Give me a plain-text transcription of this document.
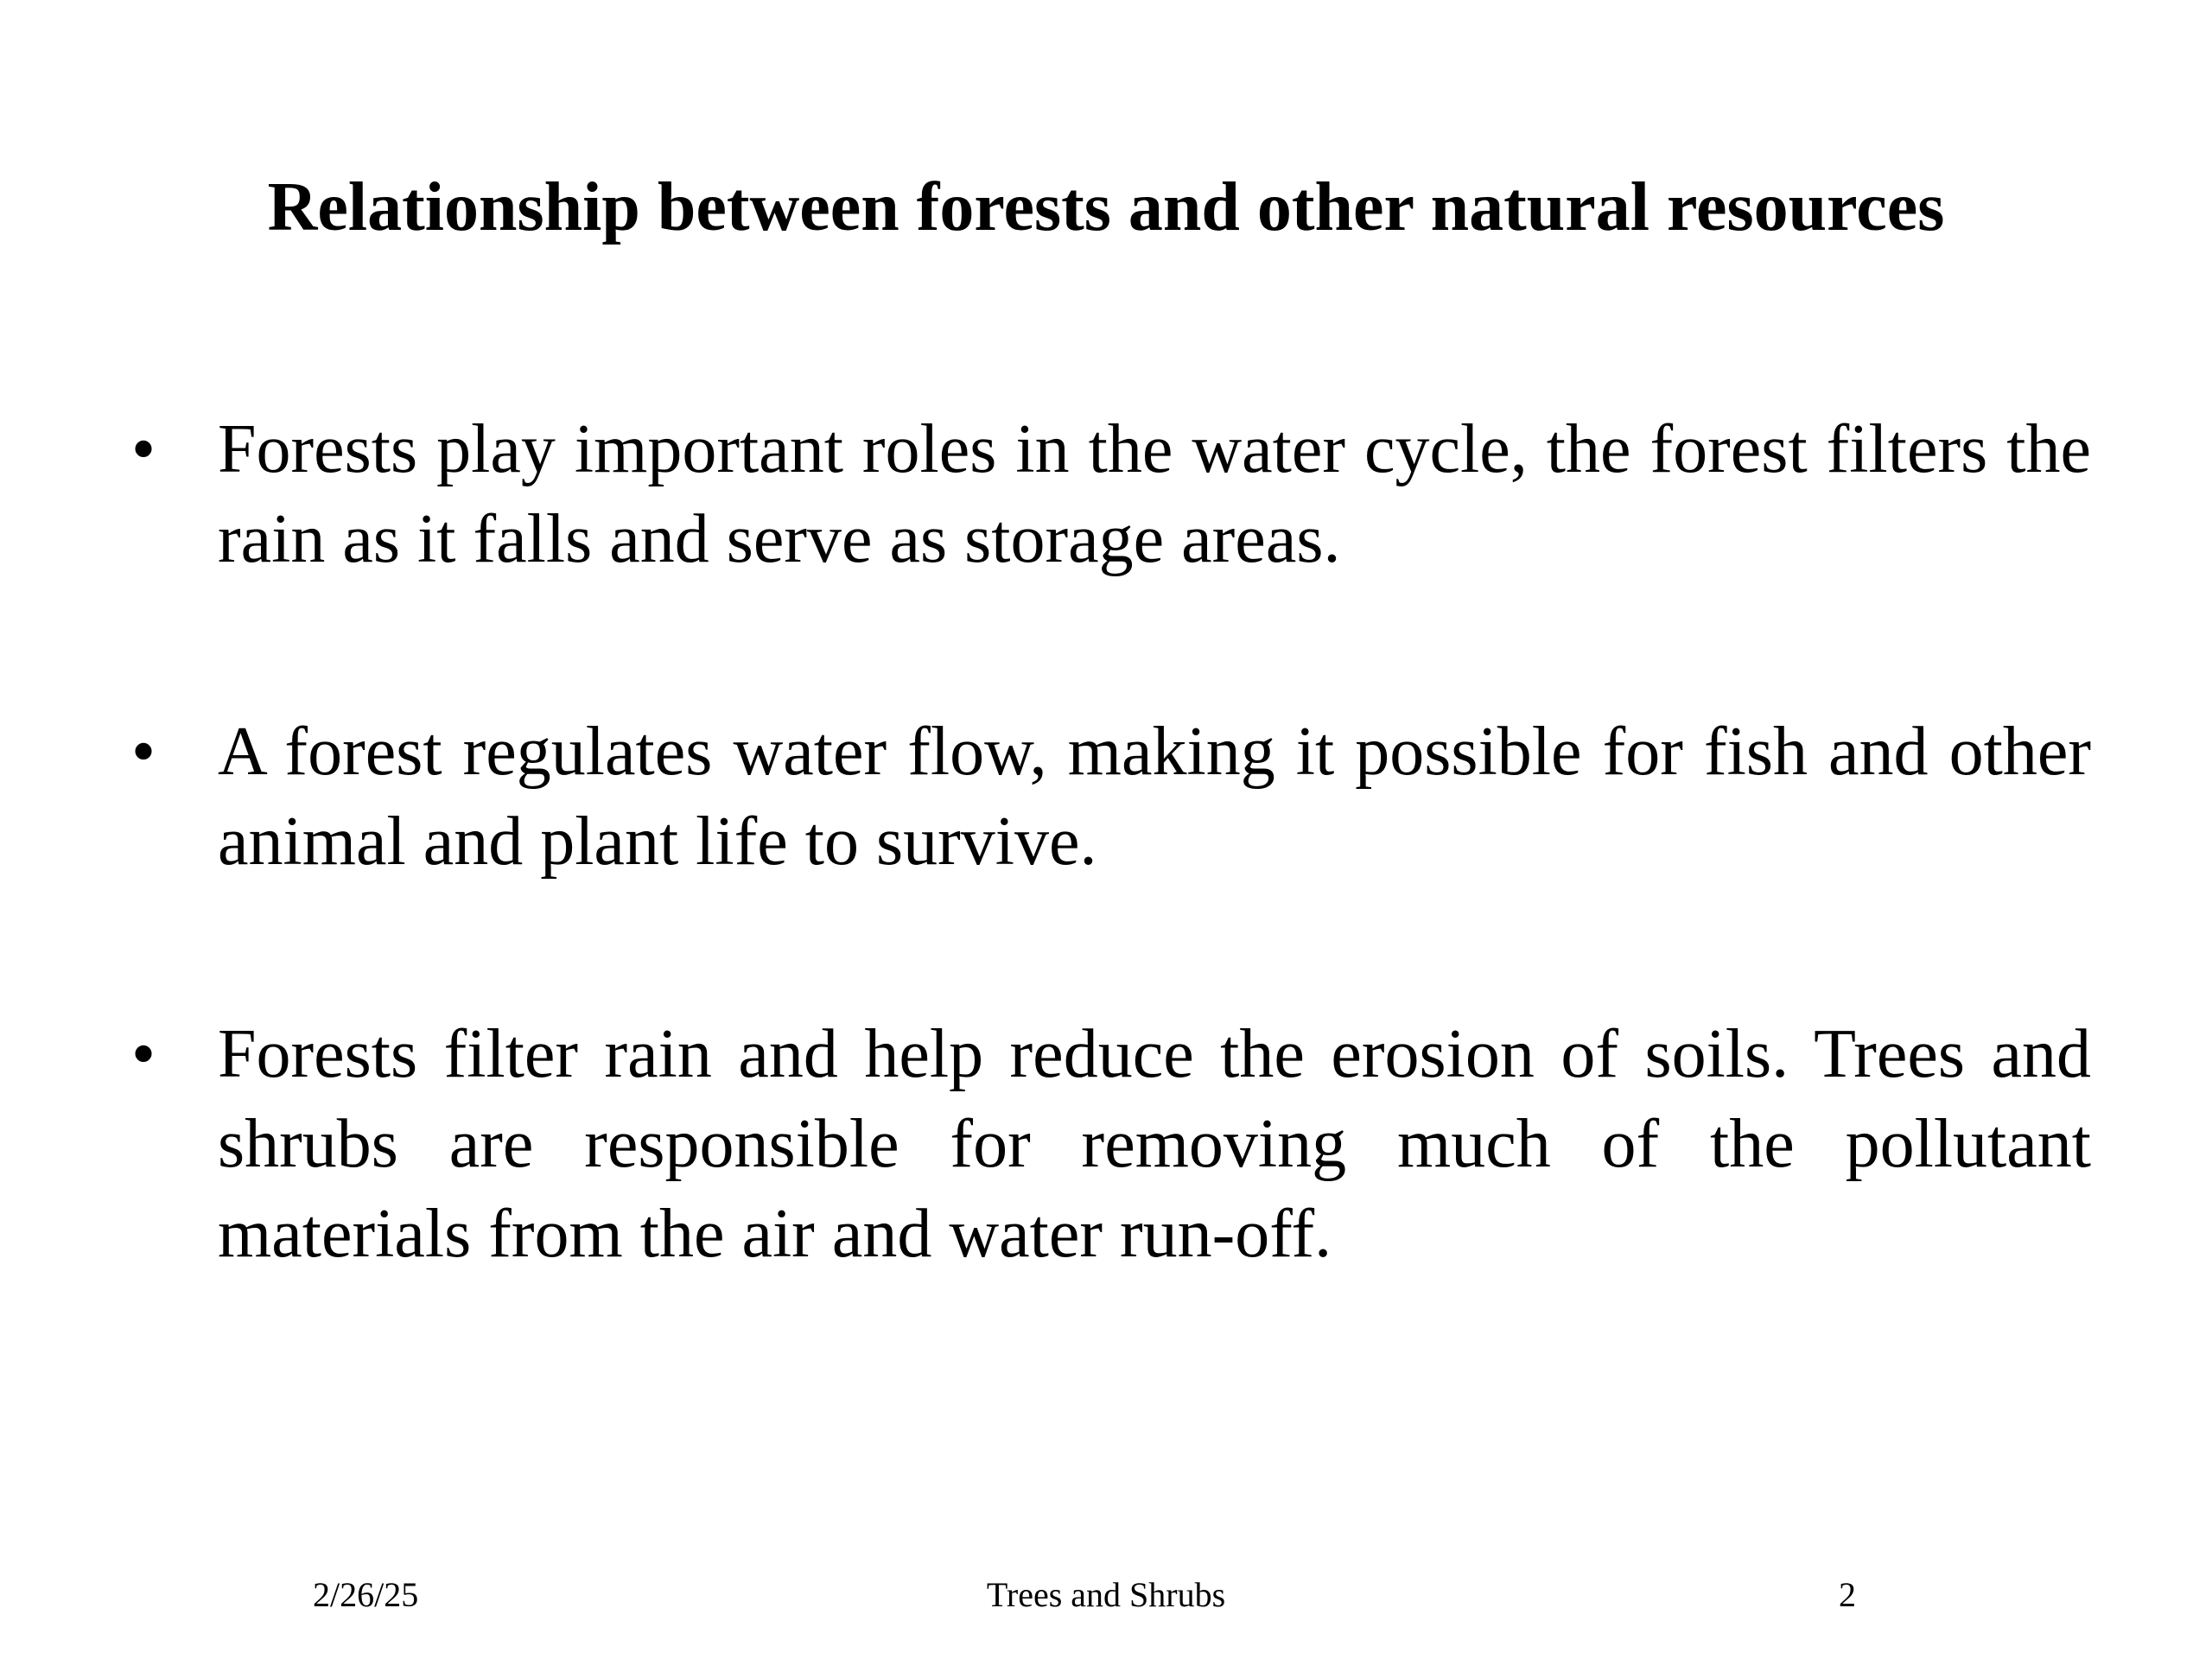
Relationship between forests and other natural resources
• Forests play important roles in the water cycle, the forest filters the rain as it falls and serve as storage areas.
• A forest regulates water flow, making it possible for fish and other animal and plant life to survive.
• Forests filter rain and help reduce the erosion of soils. Trees and shrubs are responsible for removing much of the pollutant materials from the air and water run-off.
2/26/25	Trees and Shrubs	2
